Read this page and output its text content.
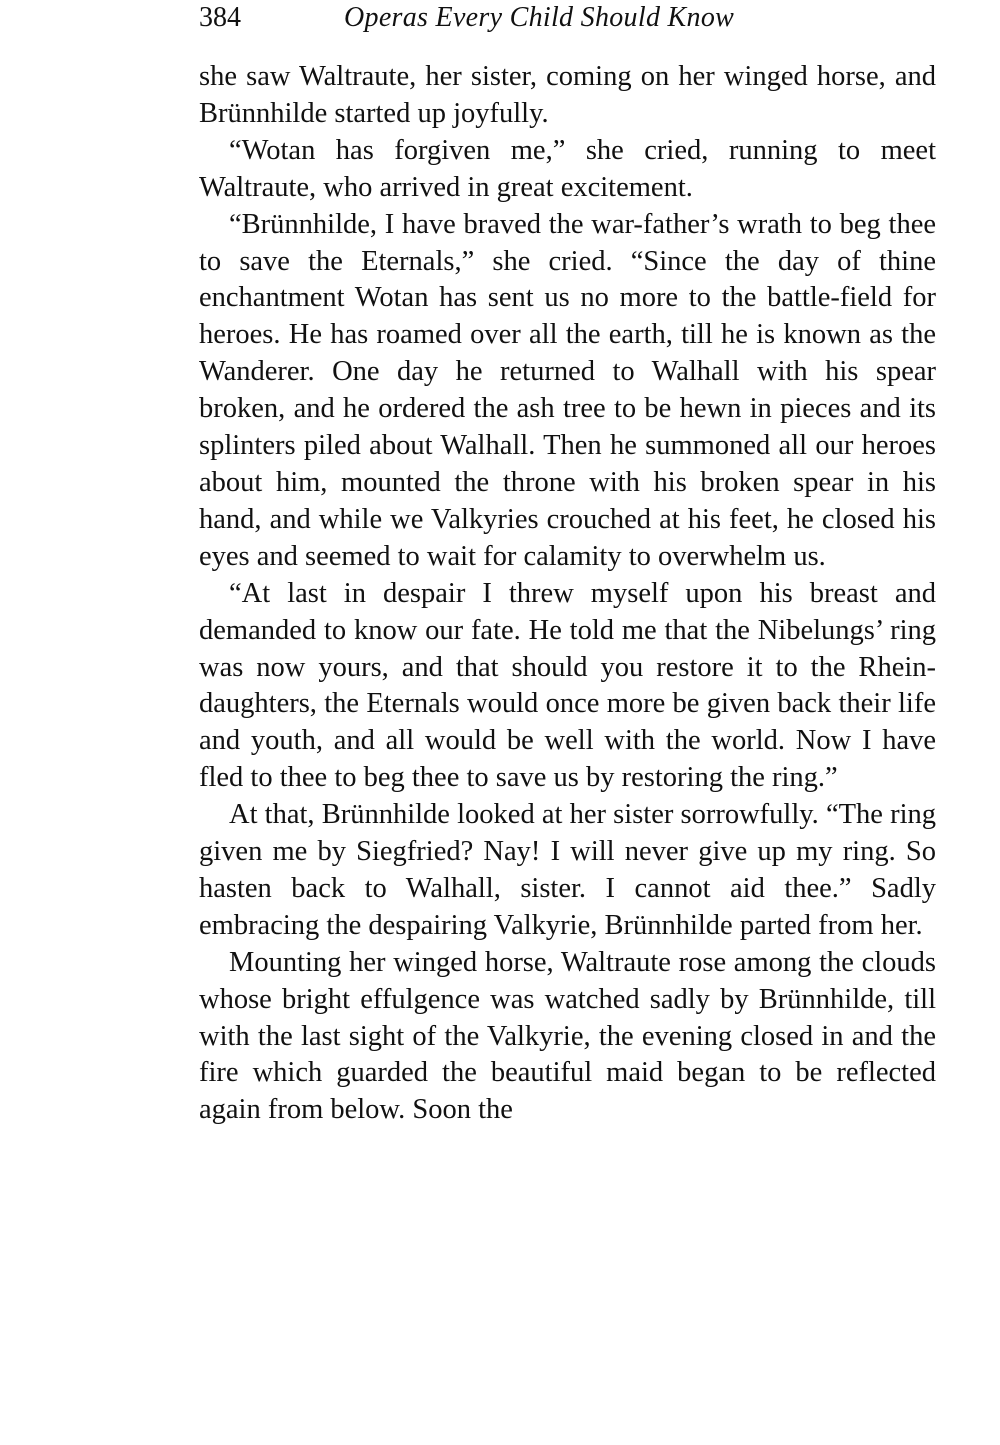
384	Operas Every Child Should Know

she saw Waltraute, her sister, coming on her winged horse, and Brünnhilde started up joyfully.

“Wotan has forgiven me,” she cried, running to meet Waltraute, who arrived in great excitement.

“Brünnhilde, I have braved the war-father’s wrath to beg thee to save the Eternals,” she cried. “Since the day of thine enchantment Wotan has sent us no more to the battle-field for heroes. He has roamed over all the earth, till he is known as the Wanderer. One day he returned to Walhall with his spear broken, and he ordered the ash tree to be hewn in pieces and its splinters piled about Walhall. Then he summoned all our heroes about him, mounted the throne with his broken spear in his hand, and while we Valkyries crouched at his feet, he closed his eyes and seemed to wait for calamity to overwhelm us.

“At last in despair I threw myself upon his breast and demanded to know our fate. He told me that the Nibelungs’ ring was now yours, and that should you restore it to the Rhein-daughters, the Eternals would once more be given back their life and youth, and all would be well with the world. Now I have fled to thee to beg thee to save us by restoring the ring.”

At that, Brünnhilde looked at her sister sorrowfully. “The ring given me by Siegfried? Nay! I will never give up my ring. So hasten back to Walhall, sister. I cannot aid thee.” Sadly embracing the despairing Valkyrie, Brünnhilde parted from her.

Mounting her winged horse, Waltraute rose among the clouds whose bright effulgence was watched sadly by Brünnhilde, till with the last sight of the Valkyrie, the evening closed in and the fire which guarded the beautiful maid began to be reflected again from below. Soon the
